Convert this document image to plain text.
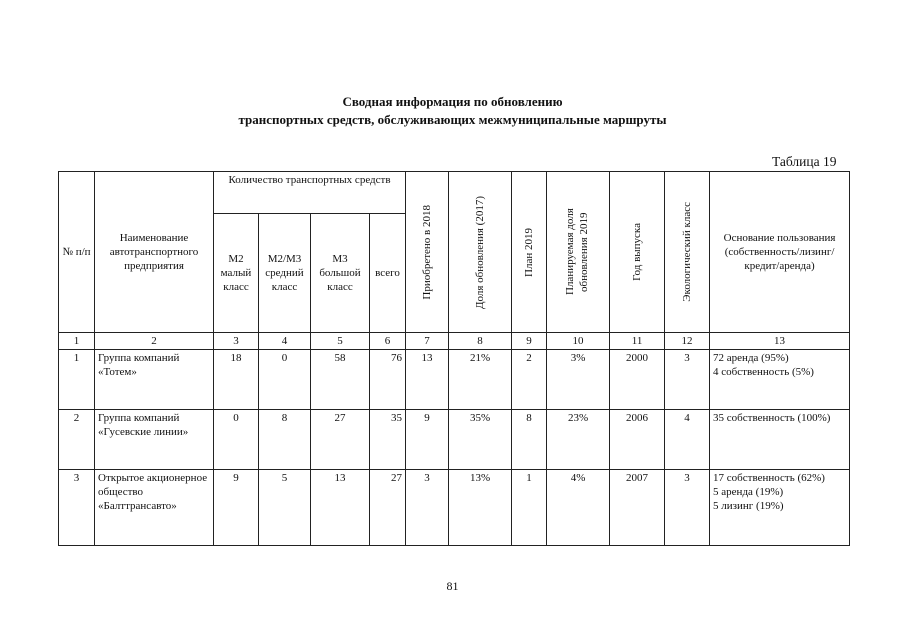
Сводная информация по обновлению
транспортных средств, обслуживающих межмуниципальные маршруты
Таблица 19
№ п/п	Наименование автотранспортного предприятия	Количество транспортных средств				Приобретено в 2018	Доля обновления (2017)	План 2019	Планируемая доля обновления 2019	Год выпуска	Экологический класс	Основание пользования (собственность/лизинг/ кредит/аренда)
		М2 малый класс	М2/М3 средний класс	М3 большой класс	всего							
1	2	3	4	5	6	7	8	9	10	11	12	13
1	Группа компаний «Тотем»	18	0	58	76	13	21%	2	3%	2000	3	72 аренда (95%)
4 собственность (5%)

2	Группа компаний «Гусевские линии»	0	8	27	35	9	35%	8	23%	2006	4	35 собственность (100%)

3	Открытое акционерное общество «Балттрансавто»	9	5	13	27	3	13%	1	4%	2007	3	17 собственность (62%)
5 аренда (19%)
5 лизинг (19%)
81
